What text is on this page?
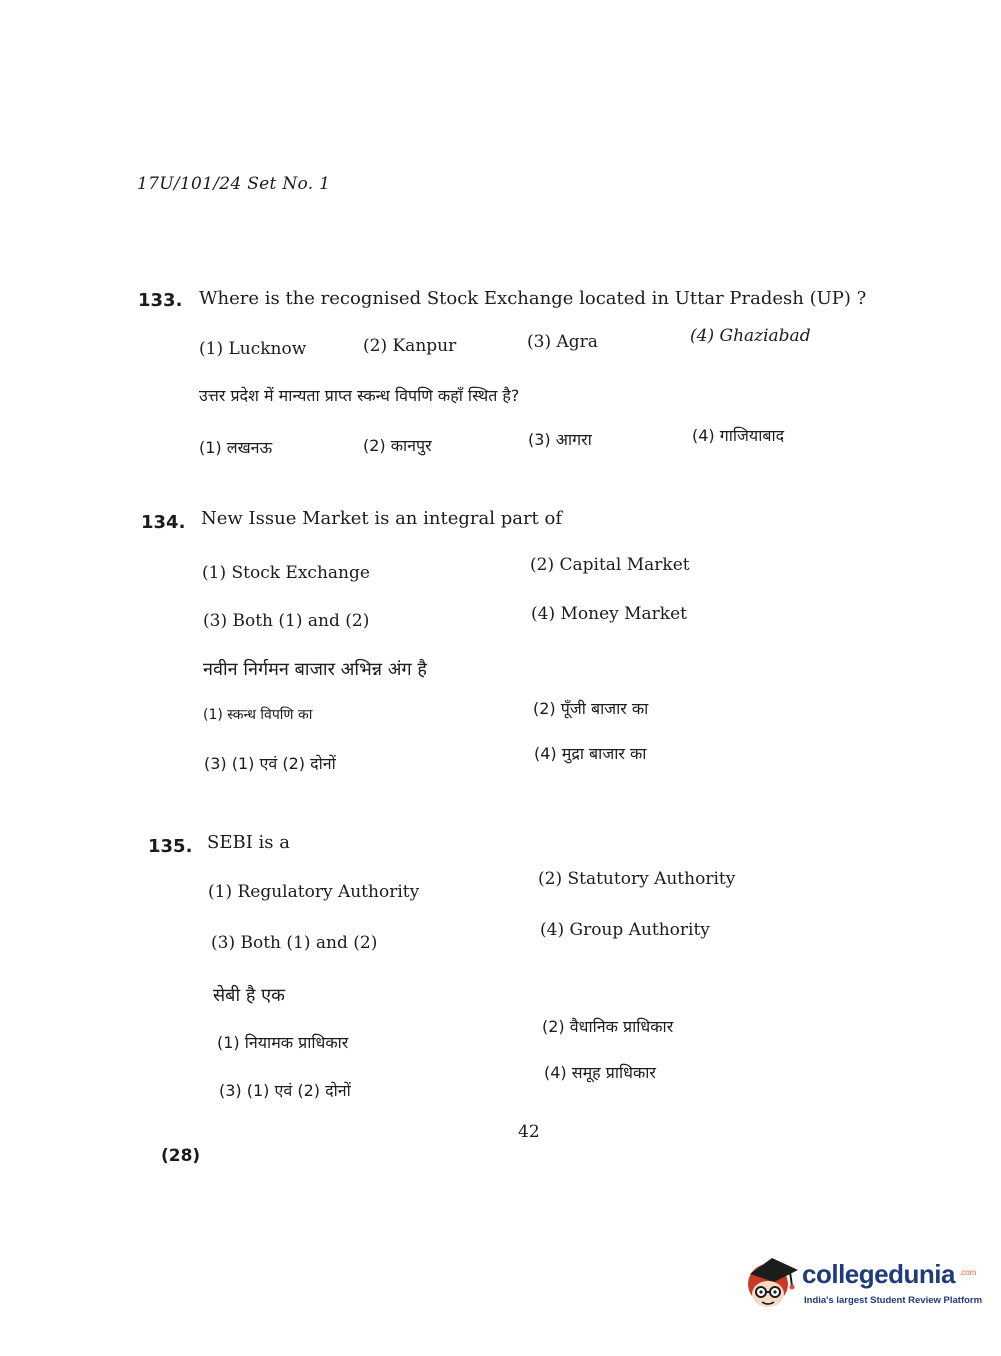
17U/101/24 Set No. 1
133. Where is the recognised Stock Exchange located in Uttar Pradesh (UP) ?
(1) Lucknow	(2) Kanpur	(3) Agra	(4) Ghaziabad
उत्तर प्रदेश में मान्यता प्राप्त स्कन्ध विपणि कहाँ स्थित है?
(1) लखनऊ	(2) कानपुर	(3) आगरा	(4) गाजियाबाद
134. New Issue Market is an integral part of
(1) Stock Exchange	(2) Capital Market
(3) Both (1) and (2)	(4) Money Market
नवीन निर्गमन बाजार अभिन्न अंग है
(1) स्कन्ध विपणि का	(2) पूँजी बाजार का
(3) (1) एवं (2) दोनों
(4) मुद्रा बाजार का
135. SEBI is a
(1) Regulatory Authority
(2) Statutory Authority
(3) Both (1) and (2)
(4) Group Authority
सेबी है एक
(1) नियामक प्राधिकार
(2) वैधानिक प्राधिकार
(3) (1) एवं (2) दोनों
(4) समूह प्राधिकार
42
(28)
collegedunia .com
India's largest Student Review Platform
